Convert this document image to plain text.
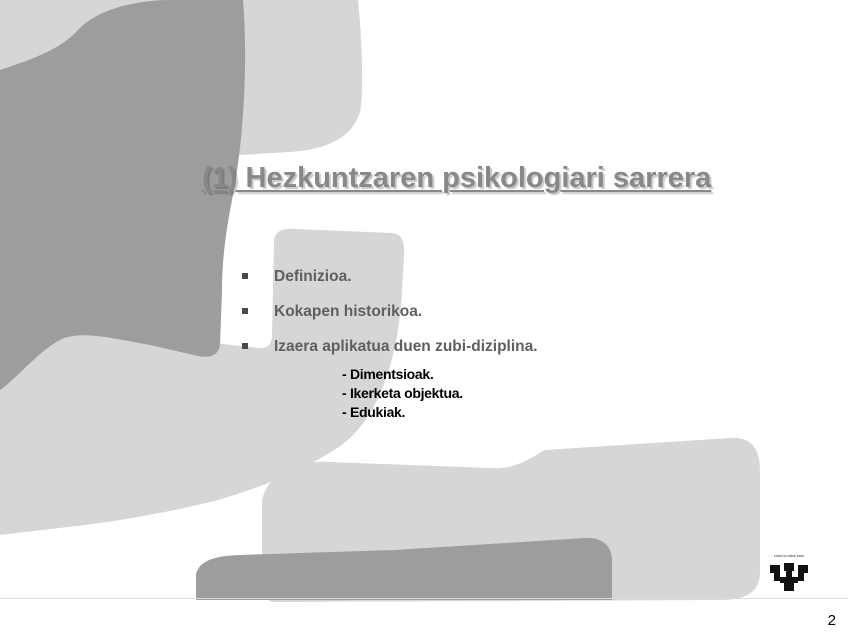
(1) Hezkuntzaren psikologiari sarrera
Definizioa.
Kokapen historikoa.
Izaera aplikatua duen zubi-diziplina.
- Dimentsioak.
- Ikerketa objektua.
- Edukiak.
eman ta zabal zazu
2
